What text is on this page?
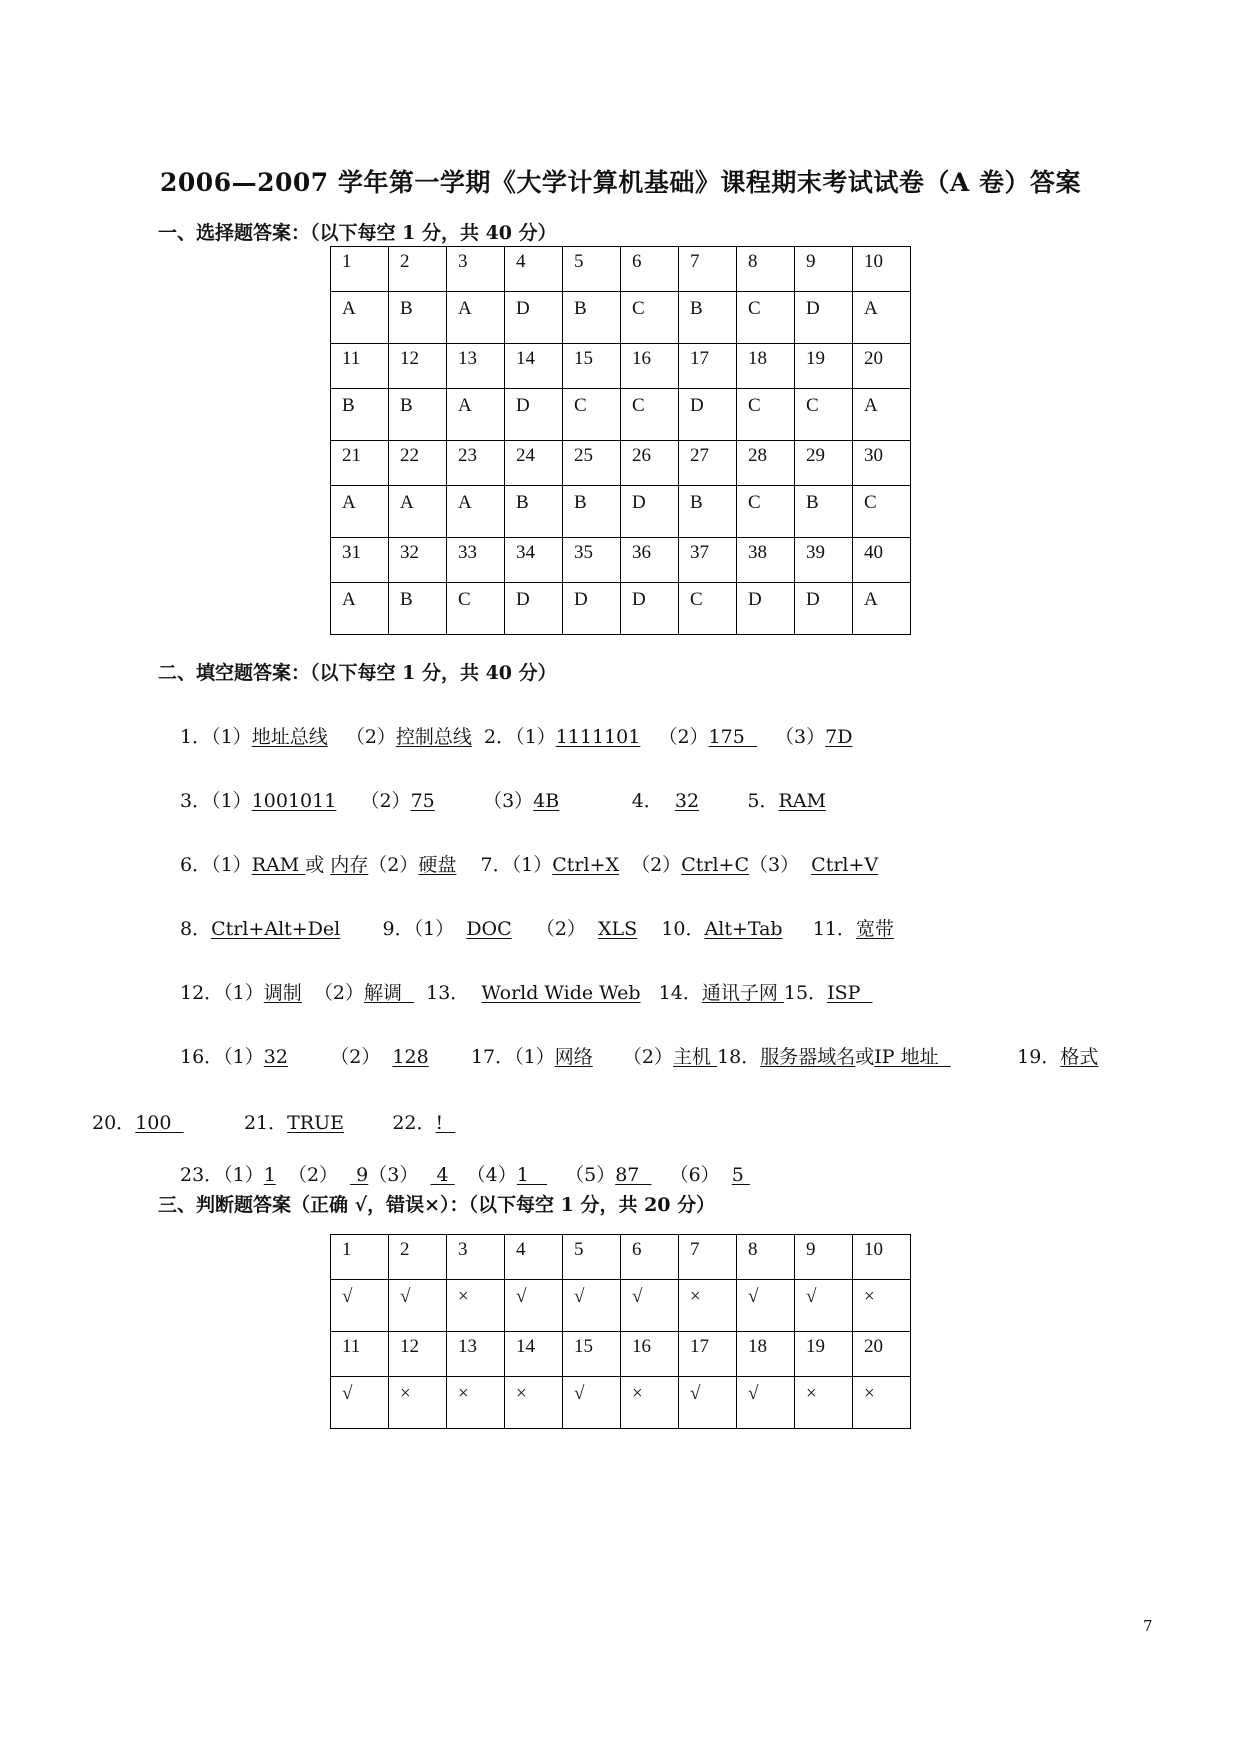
2006—2007 学年第一学期《大学计算机基础》课程期末考试试卷（A 卷）答案
一、选择题答案：（以下每空 1 分，共 40 分）
1	2	3	4	5	6	7	8	9	10
A	B	A	D	B	C	B	C	D	A
11	12	13	14	15	16	17	18	19	20
B	B	A	D	C	C	D	C	C	A
21	22	23	24	25	26	27	28	29	30
A	A	A	B	B	D	B	C	B	C
31	32	33	34	35	36	37	38	39	40
A	B	C	D	D	D	C	D	D	A
二、填空题答案：（以下每空 1 分，共 40 分）
1．（1）地址总线   （2）控制总线  2．（1）1111101   （2）175     （3）7D
3．（1）1001011    （2）75        （3）4B            4．  32        5．RAM
6．（1）RAM 或 内存（2）硬盘    7．（1）Ctrl+X  （2）Ctrl+C（3）  Ctrl+V
8．Ctrl+Alt+Del       9．（1）  DOC    （2）  XLS    10．Alt+Tab     11．宽带
12．（1）调制  （2）解调    13．  World Wide Web   14．通讯子网 15．ISP
16．（1）32       （2）  128       17．（1）网络     （2）主机 18．服务器域名或IP 地址             19．格式
20．100            21．TRUE        22．!
23．（1）1  （2）   9（3）   4   （4）1      （5）87     （6）  5
三、判断题答案（正确 √，错误×）：（以下每空 1 分，共 20 分）
1	2	3	4	5	6	7	8	9	10
√	√	×	√	√	√	×	√	√	×
11	12	13	14	15	16	17	18	19	20
√	×	×	×	√	×	√	√	×	×
7
